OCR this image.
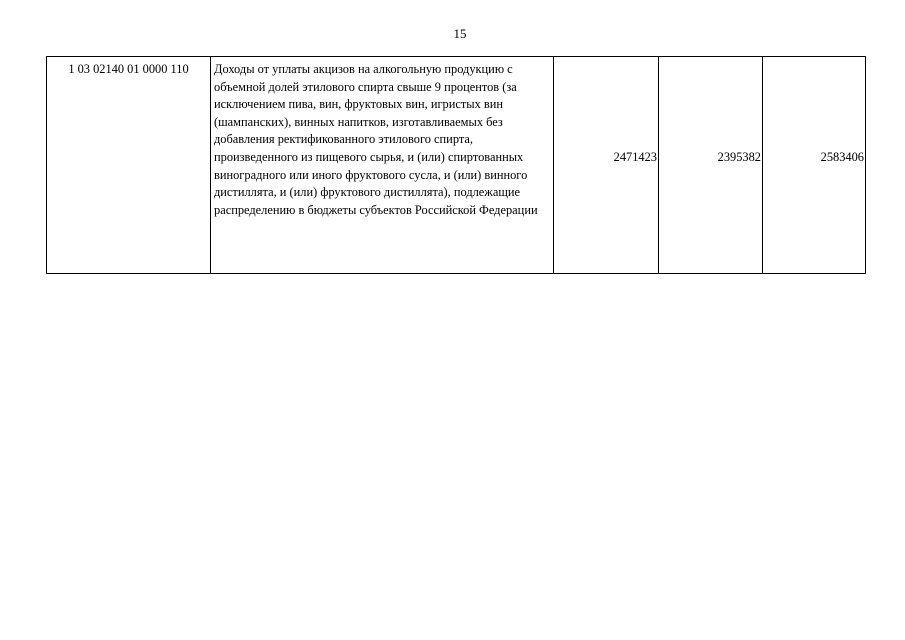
15
1 03 02140 01 0000 110	Доходы от уплаты акцизов на алкогольную продукцию с объемной долей этилового спирта свыше 9 процентов (за исключением пива, вин, фруктовых вин, игристых вин (шампанских), винных напитков, изготавливаемых без добавления ректификованного этилового спирта, произведенного из пищевого сырья, и (или) спиртованных виноградного или иного фруктового сусла, и (или) винного дистиллята, и (или) фруктового дистиллята), подлежащие распределению в бюджеты субъектов Российской Федерации	2471423	2395382	2583406
